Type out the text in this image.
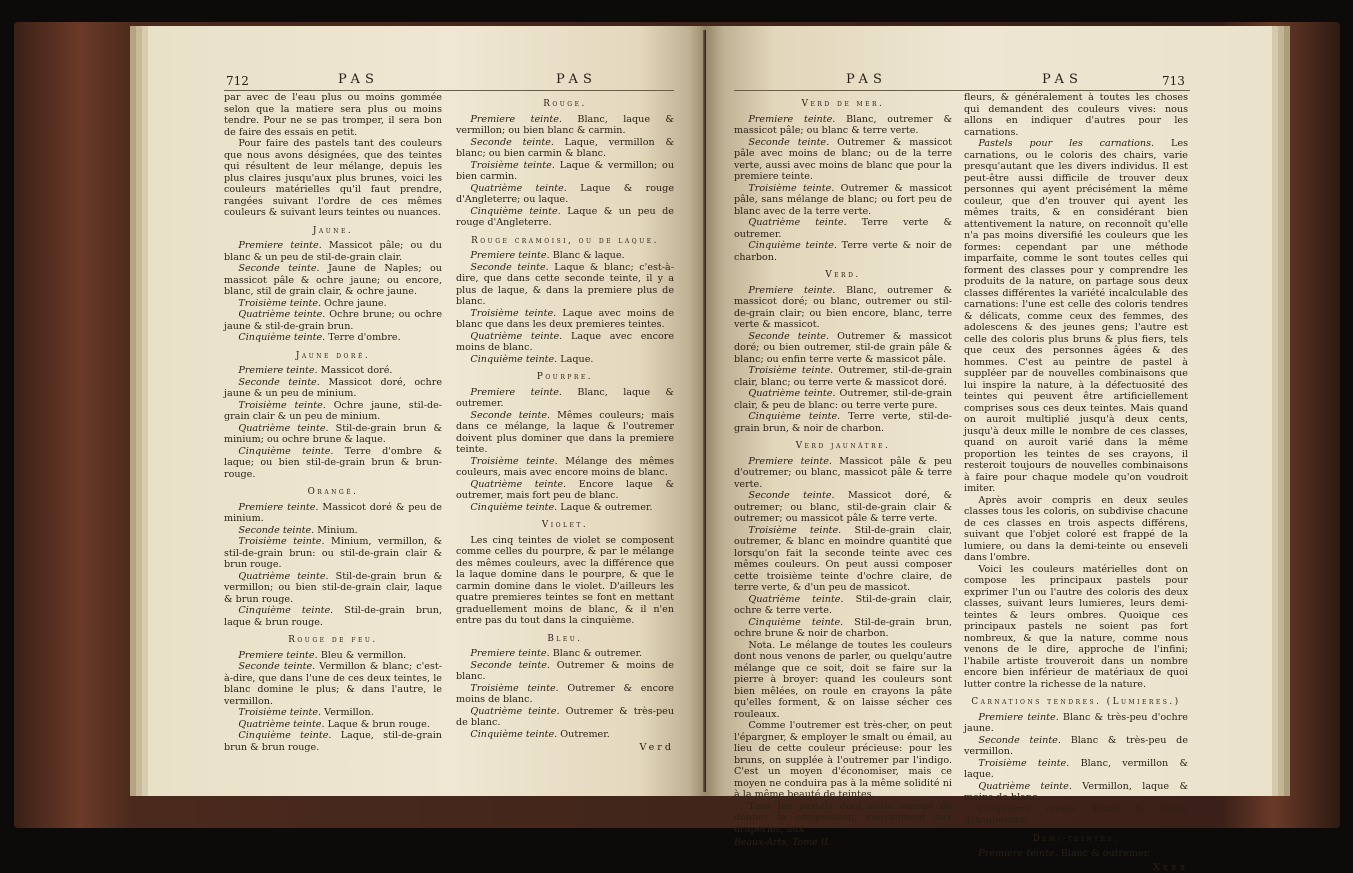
712	PAS	PAS

par avec de l'eau plus ou moins gommée selon que la matiere sera plus ou moins tendre. Pour ne se pas tromper, il sera bon de faire des essais en petit.

Pour faire des pastels tant des couleurs que nous avons désignées, que des teintes qui résultent de leur mélange, depuis les plus claires jusqu'aux plus brunes, voici les couleurs matérielles qu'il faut prendre, rangées suivant l'ordre de ces mêmes couleurs & suivant leurs teintes ou nuances.

Jaune.

Premiere teinte. Massicot pâle; ou du blanc & un peu de stil-de-grain clair.

Seconde teinte. Jaune de Naples; ou massicot pâle & ochre jaune; ou encore, blanc, stil de grain clair, & ochre jaune.

Troisième teinte. Ochre jaune.

Quatrième teinte. Ochre brune; ou ochre jaune & stil-de-grain brun.

Cinquième teinte. Terre d'ombre.

Jaune doré.

Premiere teinte. Massicot doré.

Seconde teinte. Massicot doré, ochre jaune & un peu de minium.

Troisième teinte. Ochre jaune, stil-de-grain clair & un peu de minium.

Quatrième teinte. Stil-de-grain brun & minium; ou ochre brune & laque.

Cinquième teinte. Terre d'ombre & laque; ou bien stil-de-grain brun & brun-rouge.

Orangé.

Premiere teinte. Massicot doré & peu de minium.

Seconde teinte. Minium.

Troisième teinte. Minium, vermillon, & stil-de-grain brun: ou stil-de-grain clair & brun rouge.

Quatrième teinte. Stil-de-grain brun & vermillon; ou bien stil-de-grain clair, laque & brun rouge.

Cinquième teinte. Stil-de-grain brun, laque & brun rouge.

Rouge de feu.

Premiere teinte. Bleu & vermillon.

Seconde teinte. Vermillon & blanc; c'est-à-dire, que dans l'une de ces deux teintes, le blanc domine le plus; & dans l'autre, le vermillon.

Troisième teinte. Vermillon.

Quatrième teinte. Laque & brun rouge.

Cinquième teinte. Laque, stil-de-grain brun & brun rouge.

Rouge.

Premiere teinte. Blanc, laque & vermillon; ou bien blanc & carmin.

Seconde teinte. Laque, vermillon & blanc; ou bien carmin & blanc.

Troisième teinte. Laque & vermillon; ou bien carmin.

Quatrième teinte. Laque & rouge d'Angleterre; ou laque.

Cinquième teinte. Laque & un peu de rouge d'Angleterre.

Rouge cramoisi, ou de laque.

Premiere teinte. Blanc & laque.

Seconde teinte. Laque & blanc; c'est-à-dire, que dans cette seconde teinte, il y a plus de laque, & dans la premiere plus de blanc.

Troisième teinte. Laque avec moins de blanc que dans les deux premieres teintes.

Quatrième teinte. Laque avec encore moins de blanc.

Cinquième teinte. Laque.

Pourpre.

Premiere teinte. Blanc, laque & outremer.

Seconde teinte. Mêmes couleurs; mais dans ce mélange, la laque & l'outremer doivent plus dominer que dans la premiere teinte.

Troisième teinte. Mélange des mêmes couleurs, mais avec encore moins de blanc.

Quatrième teinte. Encore laque & outremer, mais fort peu de blanc.

Cinquième teinte. Laque & outremer.

Violet.

Les cinq teintes de violet se composent comme celles du pourpre, & par le mélange des mêmes couleurs, avec la différence que la laque domine dans le pourpre, & que le carmin domine dans le violet. D'ailleurs les quatre premieres teintes se font en mettant graduellement moins de blanc, & il n'en entre pas du tout dans la cinquième.

Bleu.

Premiere teinte. Blanc & outremer.

Seconde teinte. Outremer & moins de blanc.

Troisième teinte. Outremer & encore moins de blanc.

Quatrième teinte. Outremer & très-peu de blanc.

Cinquième teinte. Outremer.

Verd
PAS	PAS	713
Verd de mer.

Premiere teinte. Blanc, outremer & massicot pâle; ou blanc & terre verte.

Seconde teinte. Outremer & massicot pâle avec moins de blanc; ou de la terre verte, aussi avec moins de blanc que pour la premiere teinte.

Troisième teinte. Outremer & massicot pâle, sans mélange de blanc; ou fort peu de blanc avec de la terre verte.

Quatrième teinte. Terre verte & outremer.

Cinquième teinte. Terre verte & noir de charbon.

Verd.

Premiere teinte. Blanc, outremer & massicot doré; ou blanc, outremer ou stil-de-grain clair; ou bien encore, blanc, terre verte & massicot.

Seconde teinte. Outremer & massicot doré; ou bien outremer, stil-de grain pâle & blanc; ou enfin terre verte & massicot pâle.

Troisième teinte. Outremer, stil-de-grain clair, blanc; ou terre verte & massicot doré.

Quatrième teinte. Outremer, stil-de-grain clair, & peu de blanc: ou terre verte pure.

Cinquième teinte. Terre verte, stil-de-grain brun, & noir de charbon.

Verd jaunâtre.

Premiere teinte. Massicot pâle & peu d'outremer; ou blanc, massicot pâle & terre verte.

Seconde teinte. Massicot doré, & outremer; ou blanc, stil-de-grain clair & outremer; ou massicot pâle & terre verte.

Troisième teinte. Stil-de-grain clair, outremer, & blanc en moindre quantité que lorsqu'on fait la seconde teinte avec ces mêmes couleurs. On peut aussi composer cette troisième teinte d'ochre claire, de terre verte, & d'un peu de massicot.

Quatrième teinte. Stil-de-grain clair, ochre & terre verte.

Cinquième teinte. Stil-de-grain brun, ochre brune & noir de charbon.

Nota. Le mélange de toutes les couleurs dont nous venons de parler, ou quelqu'autre mélange que ce soit, doit se faire sur la pierre à broyer: quand les couleurs sont bien mêlées, on roule en crayons la pâte qu'elles forment, & on laisse sécher ces rouleaux.

Comme l'outremer est très-cher, on peut l'épargner, & employer le smalt ou émail, au lieu de cette couleur précieuse: pour les bruns, on supplée à l'outremer par l'indigo. C'est un moyen d'économiser, mais ce moyen ne conduira pas à la même solidité ni à la même beauté de teintes.

Tous les pastels dont nous venons de donner la composition, conviennent aux draperies, aux

Beaux-Arts, Tome II.

fleurs, & généralement à toutes les choses qui demandent des couleurs vives: nous allons en indiquer d'autres pour les carnations.

Pastels pour les carnations. Les carnations, ou le coloris des chairs, varie presqu'autant que les divers individus. Il est peut-être aussi difficile de trouver deux personnes qui ayent précisément la même couleur, que d'en trouver qui ayent les mêmes traits, & en considérant bien attentivement la nature, on reconnoît qu'elle n'a pas moins diversifié les couleurs que les formes: cependant par une méthode imparfaite, comme le sont toutes celles qui forment des classes pour y comprendre les produits de la nature, on partage sous deux classes différentes la variété incalculable des carnations: l'une est celle des coloris tendres & délicats, comme ceux des femmes, des adolescens & des jeunes gens; l'autre est celle des coloris plus bruns & plus fiers, tels que ceux des personnes âgées & des hommes. C'est au peintre de pastel à suppléer par de nouvelles combinaisons que lui inspire la nature, à la défectuosité des teintes qui peuvent être artificiellement comprises sous ces deux teintes. Mais quand on auroit multiplié jusqu'à deux cents, jusqu'à deux mille le nombre de ces classes, quand on auroit varié dans la même proportion les teintes de ses crayons, il resteroit toujours de nouvelles combinaisons à faire pour chaque modele qu'on voudroit imiter.

Après avoir compris en deux seules classes tous les coloris, on subdivise chacune de ces classes en trois aspects différens, suivant que l'objet coloré est frappé de la lumiere, ou dans la demi-teinte ou enseveli dans l'ombre.

Voici les couleurs matérielles dont on compose les principaux pastels pour exprimer l'un ou l'autre des coloris des deux classes, suivant leurs lumieres, leurs demi-teintes & leurs ombres. Quoique ces principaux pastels ne soient pas fort nombreux, & que la nature, comme nous venons de le dire, approche de l'infini; l'habile artiste trouveroit dans un nombre encore bien inférieur de matériaux de quoi lutter contre la richesse de la nature.

Carnations tendres. (Lumieres.)

Premiere teinte. Blanc & très-peu d'ochre jaune.

Seconde teinte. Blanc & très-peu de vermillon.

Troisième teinte. Blanc, vermillon & laque.

Quatrième teinte. Vermillon, laque & moins de blanc.

Cinquième teinte. Blanc & rouge d'Angleterre.

Demi-teintes.

Premiere teinte. Blanc & outremer.

Xxxx
